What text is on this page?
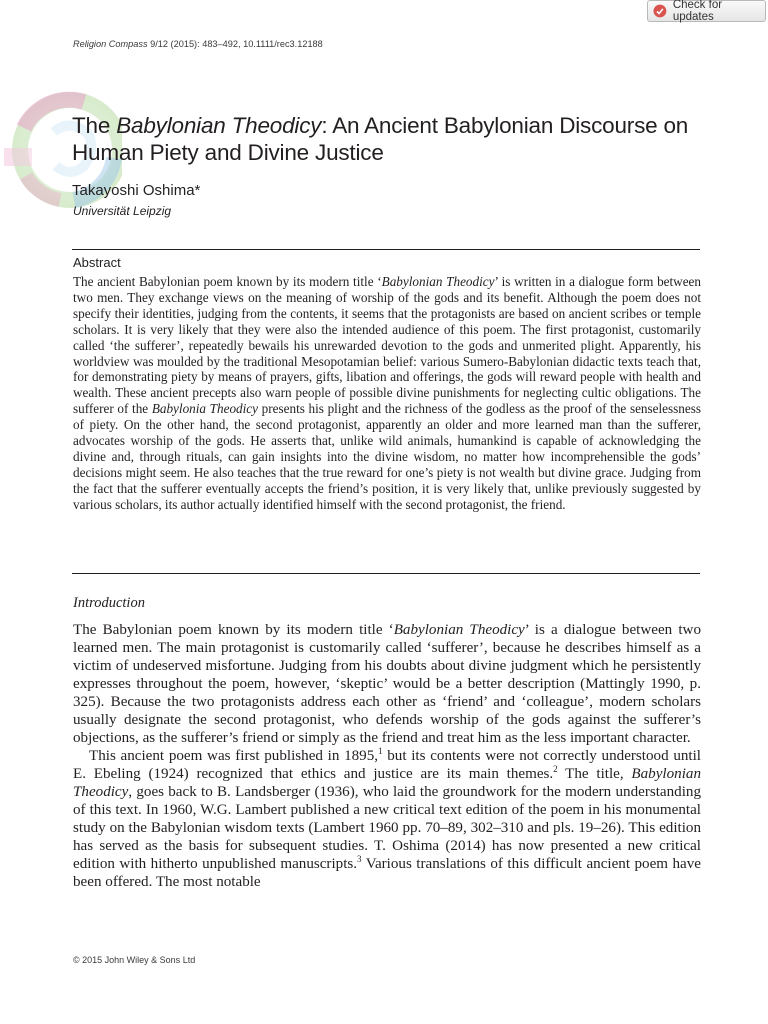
Check for updates
Religion Compass 9/12 (2015): 483–492, 10.1111/rec3.12188
The Babylonian Theodicy: An Ancient Babylonian Discourse on Human Piety and Divine Justice
Takayoshi Oshima*
Universität Leipzig
Abstract

The ancient Babylonian poem known by its modern title ‘Babylonian Theodicy’ is written in a dialogue form between two men. They exchange views on the meaning of worship of the gods and its benefit. Although the poem does not specify their identities, judging from the contents, it seems that the protagonists are based on ancient scribes or temple scholars. It is very likely that they were also the intended audience of this poem. The first protagonist, customarily called ‘the sufferer’, repeatedly bewails his unrewarded devotion to the gods and unmerited plight. Apparently, his worldview was moulded by the traditional Mesopotamian belief: various Sumero-Babylonian didactic texts teach that, for demonstrating piety by means of prayers, gifts, libation and offerings, the gods will reward people with health and wealth. These ancient precepts also warn people of possible divine punishments for neglecting cultic obligations. The sufferer of the Babylonia Theodicy presents his plight and the richness of the godless as the proof of the senselessness of piety. On the other hand, the second protagonist, apparently an older and more learned man than the sufferer, advocates worship of the gods. He asserts that, unlike wild animals, humankind is capable of acknowledging the divine and, through rituals, can gain insights into the divine wisdom, no matter how incomprehensible the gods’ decisions might seem. He also teaches that the true reward for one’s piety is not wealth but divine grace. Judging from the fact that the sufferer eventually accepts the friend’s position, it is very likely that, unlike previously suggested by various scholars, its author actually identified himself with the second protagonist, the friend.

Introduction

The Babylonian poem known by its modern title ‘Babylonian Theodicy’ is a dialogue between two learned men. The main protagonist is customarily called ‘sufferer’, because he describes himself as a victim of undeserved misfortune. Judging from his doubts about divine judgment which he persistently expresses throughout the poem, however, ‘skeptic’ would be a better description (Mattingly 1990, p. 325). Because the two protagonists address each other as ‘friend’ and ‘colleague’, modern scholars usually designate the second protagonist, who defends worship of the gods against the sufferer’s objections, as the sufferer’s friend or simply as the friend and treat him as the less important character.

This ancient poem was first published in 1895,$^1$ but its contents were not correctly understood until E. Ebeling (1924) recognized that ethics and justice are its main themes.$^2$ The title, Babylonian Theodicy, goes back to B. Landsberger (1936), who laid the groundwork for the modern understanding of this text. In 1960, W.G. Lambert published a new critical text edition of the poem in his monumental study on the Babylonian wisdom texts (Lambert 1960 pp. 70–89, 302–310 and pls. 19–26). This edition has served as the basis for subsequent studies. T. Oshima (2014) has now presented a new critical edition with hitherto unpublished manuscripts.$^3$ Various translations of this difficult ancient poem have been offered. The most notable

© 2015 John Wiley & Sons Ltd
